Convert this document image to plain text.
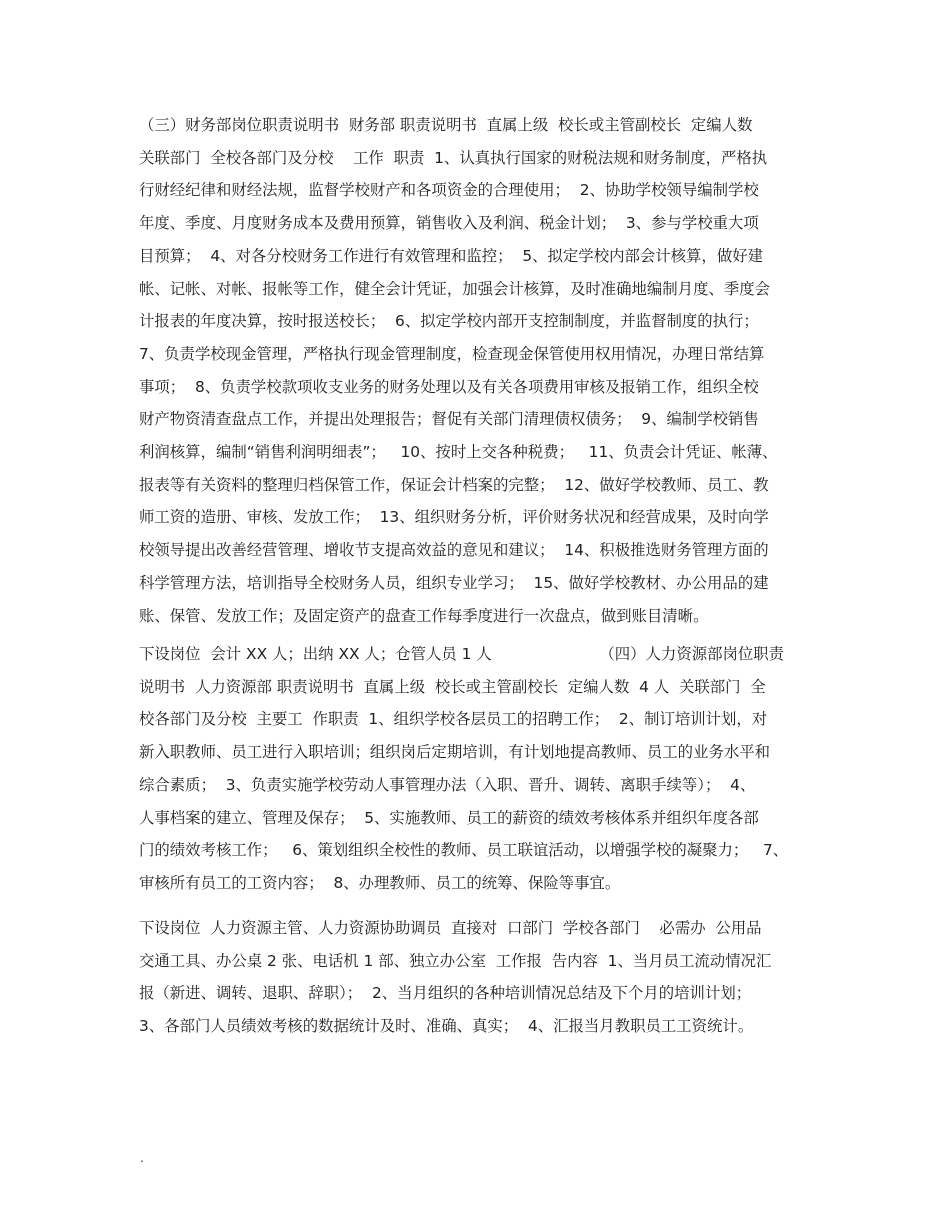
（三）财务部岗位职责说明书  财务部 职责说明书  直属上级  校长或主管副校长  定编人数
关联部门  全校各部门及分校    工作  职责  1、认真执行国家的财税法规和财务制度，严格执
行财经纪律和财经法规，监督学校财产和各项资金的合理使用；  2、协助学校领导编制学校
年度、季度、月度财务成本及费用预算，销售收入及利润、税金计划；  3、参与学校重大项
目预算；  4、对各分校财务工作进行有效管理和监控；  5、拟定学校内部会计核算，做好建
帐、记帐、对帐、报帐等工作，健全会计凭证，加强会计核算，及时准确地编制月度、季度会
计报表的年度决算，按时报送校长；  6、拟定学校内部开支控制制度，并监督制度的执行；
7、负责学校现金管理，严格执行现金管理制度，检查现金保管使用权用情况，办理日常结算
事项；  8、负责学校款项收支业务的财务处理以及有关各项费用审核及报销工作，组织全校
财产物资清查盘点工作，并提出处理报告；督促有关部门清理债权债务；  9、编制学校销售
利润核算，编制“销售利润明细表”；   10、按时上交各种税费；   11、负责会计凭证、帐薄、
报表等有关资料的整理归档保管工作，保证会计档案的完整；  12、做好学校教师、员工、教
师工资的造册、审核、发放工作；  13、组织财务分析，评价财务状况和经营成果，及时向学
校领导提出改善经营管理、增收节支提高效益的意见和建议；  14、积极推选财务管理方面的
科学管理方法，培训指导全校财务人员，组织专业学习；  15、做好学校教材、办公用品的建
账、保管、发放工作；及固定资产的盘查工作每季度进行一次盘点，做到账目清晰。
下设岗位  会计 XX 人；出纳 XX 人；仓管人员 1 人                      （四）人力资源部岗位职责
说明书  人力资源部 职责说明书  直属上级  校长或主管副校长  定编人数  4 人  关联部门  全
校各部门及分校  主要工  作职责  1、组织学校各层员工的招聘工作；  2、制订培训计划，对
新入职教师、员工进行入职培训；组织岗后定期培训，有计划地提高教师、员工的业务水平和
综合素质；  3、负责实施学校劳动人事管理办法（入职、晋升、调转、离职手续等）；  4、
人事档案的建立、管理及保存；  5、实施教师、员工的薪资的绩效考核体系并组织年度各部
门的绩效考核工作；   6、策划组织全校性的教师、员工联谊活动，以增强学校的凝聚力；   7、
审核所有员工的工资内容；  8、办理教师、员工的统筹、保险等事宜。
下设岗位  人力资源主管、人力资源协助调员  直接对  口部门  学校各部门    必需办  公用品
交通工具、办公桌 2 张、电话机 1 部、独立办公室  工作报  告内容  1、当月员工流动情况汇
报（新进、调转、退职、辞职）；  2、当月组织的各种培训情况总结及下个月的培训计划；
3、各部门人员绩效考核的数据统计及时、准确、真实；  4、汇报当月教职员工工资统计。
.
